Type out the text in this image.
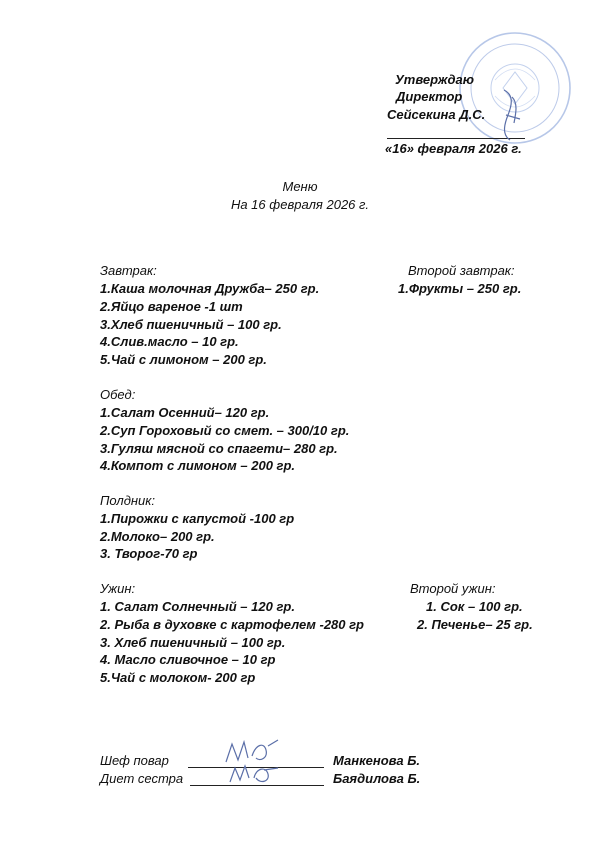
Утверждаю
Директор
Сейсекина Д.С.
«16» февраля 2026 г.
Меню
На 16 февраля 2026 г.
Завтрак:
1.Каша молочная Дружба– 250 гр.
2.Яйцо вареное -1 шт
3.Хлеб пшеничный – 100 гр.
4.Слив.масло – 10 гр.
5.Чай с лимоном – 200 гр.
Второй завтрак:
1.Фрукты – 250 гр.
Обед:
1.Салат Осенний– 120 гр.
2.Суп Гороховый со смет. – 300/10 гр.
3.Гуляш мясной со спагети– 280 гр.
4.Компот с лимоном – 200 гр.
Полдник:
1.Пирожки с капустой -100 гр
2.Молоко– 200 гр.
3. Творог-70 гр
Ужин:
1. Салат Солнечный – 120 гр.
2. Рыба в духовке с картофелем -280 гр
3. Хлеб пшеничный – 100 гр.
4. Масло сливочное – 10 гр
5.Чай с молоком- 200 гр
Второй ужин:
1. Сок – 100 гр.
2. Печенье– 25 гр.
Шеф повар	Манкенова Б.
Диет сестра	Баядилова Б.
